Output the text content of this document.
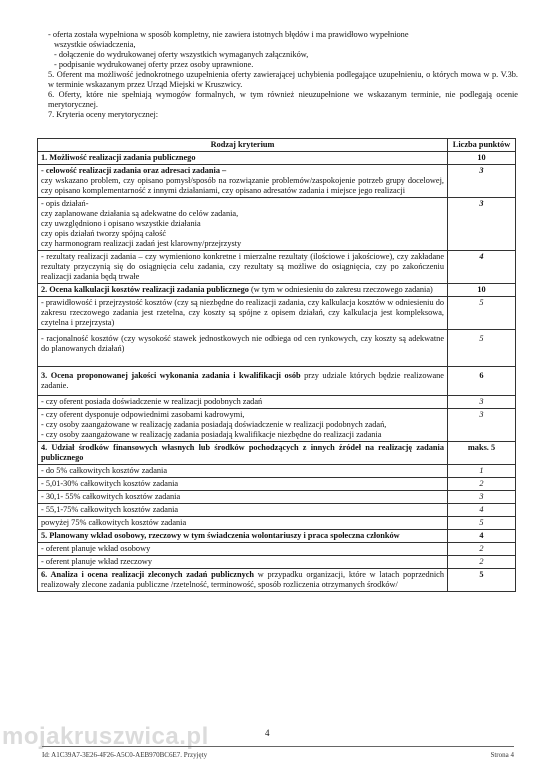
- oferta została wypełniona w sposób kompletny, nie zawiera istotnych błędów i ma prawidłowo wypełnione

wszystkie oświadczenia,

- dołączenie do wydrukowanej oferty wszystkich wymaganych załączników,

- podpisanie wydrukowanej oferty przez osoby uprawnione.

5. Oferent ma możliwość jednokrotnego uzupełnienia oferty zawierającej uchybienia podlegające uzupełnieniu, o których mowa w p. V.3b. w terminie wskazanym przez Urząd Miejski w Kruszwicy.

6. Oferty, które nie spełniają wymogów formalnych, w tym również nieuzupełnione we wskazanym terminie, nie podlegają ocenie merytorycznej.

7. Kryteria oceny merytorycznej:

Rodzaj kryterium	Liczba punktów
1. Możliwość realizacji zadania publicznego	10
- celowość realizacji zadania oraz adresaci zadania –
czy wskazano problem, czy opisano pomysł/sposób na rozwiązanie problemów/zaspokojenie potrzeb grupy docelowej, czy opisano komplementarność z innymi działaniami, czy opisano adresatów zadania i miejsce jego realizacji	3

- opis działań-
czy zaplanowane działania są adekwatne do celów zadania,
czy uwzględniono i opisano wszystkie działania
czy opis działań tworzy spójną całość
czy harmonogram realizacji zadań jest klarowny/przejrzysty	3
- rezultaty realizacji zadania – czy wymieniono konkretne i mierzalne rezultaty (ilościowe i jakościowe), czy zakładane rezultaty przyczynią się do osiągnięcia celu zadania, czy rezultaty są możliwe do osiągnięcia, czy po zakończeniu realizacji zadania będą trwałe	4
2. Ocena kalkulacji kosztów realizacji zadania publicznego (w tym w odniesieniu do zakresu rzeczowego zadania)	10
- prawidłowość i przejrzystość kosztów (czy są niezbędne do realizacji zadania, czy kalkulacja kosztów w odniesieniu do zakresu rzeczowego zadania jest rzetelna, czy koszty są spójne z opisem działań, czy kalkulacja jest kompleksowa, czytelna i przejrzysta)	5
- racjonalność kosztów (czy wysokość stawek jednostkowych nie odbiega od cen rynkowych, czy koszty są adekwatne do planowanych działań)	5
3. Ocena proponowanej jakości wykonania zadania i kwalifikacji osób przy udziale których będzie realizowane zadanie.	6
- czy oferent posiada doświadczenie w realizacji podobnych zadań	3

- czy oferent dysponuje odpowiednimi zasobami kadrowymi,
- czy osoby zaangażowane w realizację zadania posiadają doświadczenie w realizacji podobnych zadań,
- czy osoby zaangażowane w realizację zadania posiadają kwalifikacje niezbędne do realizacji zadania	3
4. Udział środków finansowych własnych lub środków pochodzących z innych źródeł na realizację zadania publicznego	maks. 5
- do 5% całkowitych kosztów zadania	1
- 5,01-30% całkowitych kosztów zadania	2
- 30,1- 55% całkowitych kosztów zadania	3
- 55,1-75% całkowitych kosztów zadania	4
powyżej 75% całkowitych kosztów zadania	5
5. Planowany wkład osobowy, rzeczowy w tym świadczenia wolontariuszy i praca społeczna członków	4
- oferent planuje wkład osobowy	2
- oferent planuje wkład rzeczowy	2
6. Analiza i ocena realizacji zleconych zadań publicznych w przypadku organizacji, które w latach poprzednich realizowały zlecone zadania publiczne /rzetelność, terminowość, sposób rozliczenia otrzymanych środków/	5
4
mojakruszwica.pl
Id: A1C39A7-3E26-4F26-A5C0-AEB970BC6E7. Przyjęty	Strona 4
